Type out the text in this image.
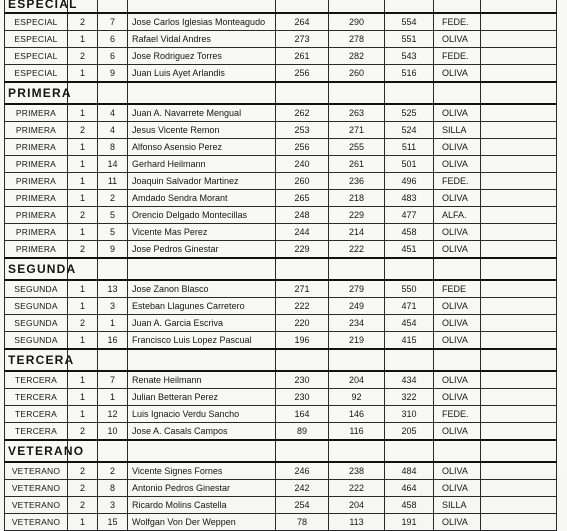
ESPECIAL								
ESPECIAL	2	7	Jose Carlos Iglesias Monteagudo	264	290	554	FEDE.	
ESPECIAL	1	6	Rafael Vidal Andres	273	278	551	OLIVA	
ESPECIAL	2	6	Jose Rodriguez Torres	261	282	543	FEDE.	
ESPECIAL	1	9	Juan Luis Ayet Arlandis	256	260	516	OLIVA	
PRIMERA								
PRIMERA	1	4	Juan A. Navarrete Mengual	262	263	525	OLIVA	
PRIMERA	2	4	Jesus Vicente Remon	253	271	524	SILLA	
PRIMERA	1	8	Alfonso Asensio Perez	256	255	511	OLIVA	
PRIMERA	1	14	Gerhard Heilmann	240	261	501	OLIVA	
PRIMERA	1	11	Joaquin Salvador Martinez	260	236	496	FEDE.	
PRIMERA	1	2	Amdado Sendra Morant	265	218	483	OLIVA	
PRIMERA	2	5	Orencio Delgado Montecillas	248	229	477	ALFA.	
PRIMERA	1	5	Vicente Mas Perez	244	214	458	OLIVA	
PRIMERA	2	9	Jose Pedros Ginestar	229	222	451	OLIVA	
SEGUNDA								
SEGUNDA	1	13	Jose Zanon Blasco	271	279	550	FEDE	
SEGUNDA	1	3	Esteban Llagunes Carretero	222	249	471	OLIVA	
SEGUNDA	2	1	Juan A. Garcia Escriva	220	234	454	OLIVA	
SEGUNDA	1	16	Francisco Luis Lopez Pascual	196	219	415	OLIVA	
TERCERA								
TERCERA	1	7	Renate Heilmann	230	204	434	OLIVA	
TERCERA	1	1	Julian Betteran Perez	230	92	322	OLIVA	
TERCERA	1	12	Luis Ignacio Verdu Sancho	164	146	310	FEDE.	
TERCERA	2	10	Jose A. Casals Campos	89	116	205	OLIVA	
VETERANO								
VETERANO	2	2	Vicente Signes Fornes	246	238	484	OLIVA	
VETERANO	2	8	Antonio Pedros Ginestar	242	222	464	OLIVA	
VETERANO	2	3	Ricardo Molins Castella	254	204	458	SILLA	
VETERANO	1	15	Wolfgan Von Der Weppen	78	113	191	OLIVA	
